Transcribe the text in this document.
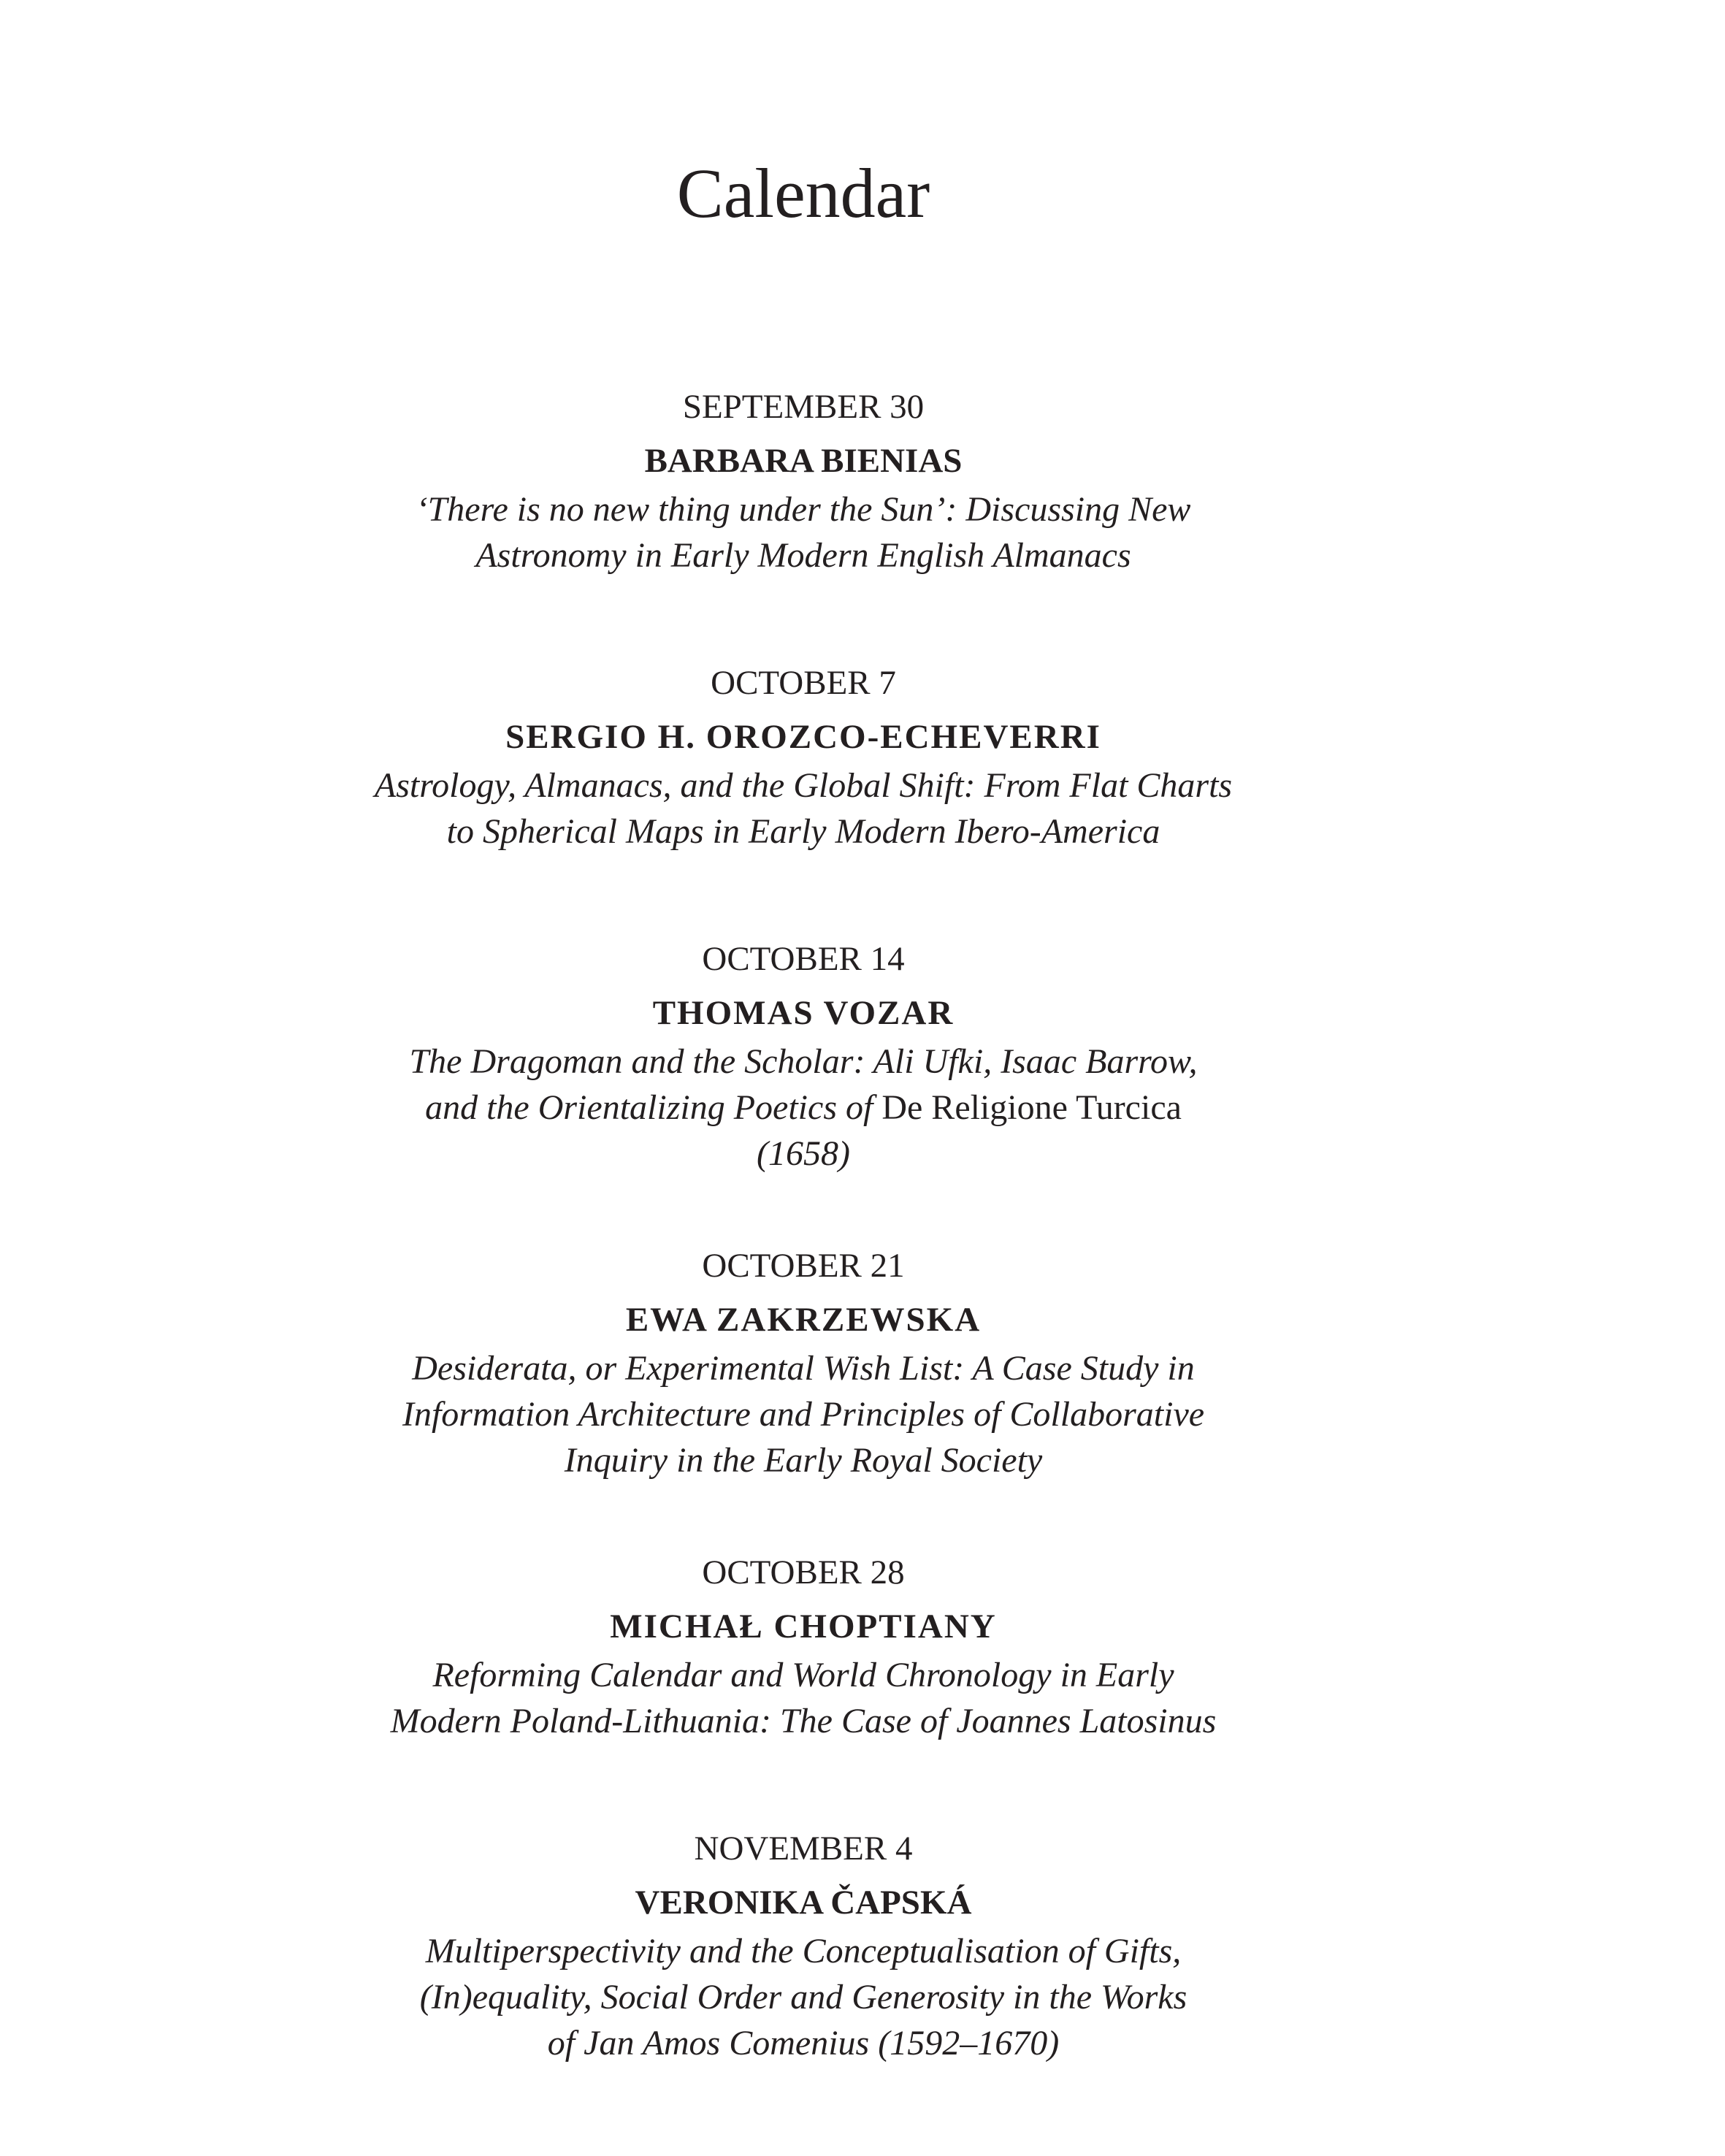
Calendar
SEPTEMBER 30
BARBARA BIENIAS
‘There is no new thing under the Sun’: Discussing New
Astronomy in Early Modern English Almanacs
OCTOBER 7
SERGIO H. OROZCO-ECHEVERRI
Astrology, Almanacs, and the Global Shift: From Flat Charts
to Spherical Maps in Early Modern Ibero-America
OCTOBER 14
THOMAS VOZAR
The Dragoman and the Scholar: Ali Ufki, Isaac Barrow,
and the Orientalizing Poetics of De Religione Turcica
(1658)
OCTOBER 21
EWA ZAKRZEWSKA
Desiderata, or Experimental Wish List: A Case Study in
Information Architecture and Principles of Collaborative
Inquiry in the Early Royal Society
OCTOBER 28
MICHAŁ CHOPTIANY
Reforming Calendar and World Chronology in Early
Modern Poland-Lithuania: The Case of Joannes Latosinus
NOVEMBER 4
VERONIKA ČAPSKÁ
Multiperspectivity and the Conceptualisation of Gifts,
(In)equality, Social Order and Generosity in the Works
of Jan Amos Comenius (1592–1670)
